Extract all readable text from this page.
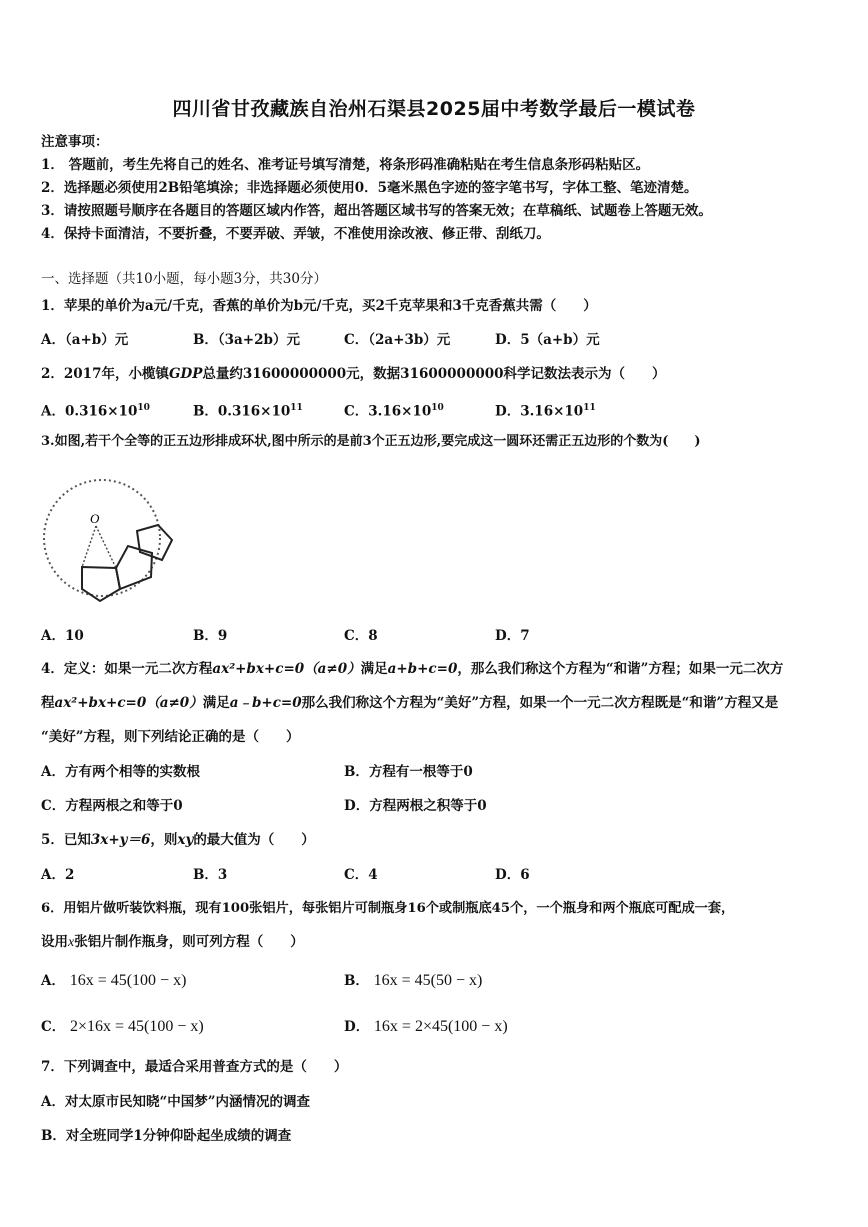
四川省甘孜藏族自治州石渠县2025届中考数学最后一模试卷
注意事项：
1． 答题前，考生先将自己的姓名、准考证号填写清楚，将条形码准确粘贴在考生信息条形码粘贴区。
2．选择题必须使用2B铅笔填涂；非选择题必须使用0．5毫米黑色字迹的签字笔书写，字体工整、笔迹清楚。
3．请按照题号顺序在各题目的答题区域内作答，超出答题区域书写的答案无效；在草稿纸、试题卷上答题无效。
4．保持卡面清洁，不要折叠，不要弄破、弄皱，不准使用涂改液、修正带、刮纸刀。
一、选择题（共10小题，每小题3分，共30分）
1．苹果的单价为a元/千克，香蕉的单价为b元/千克，买2千克苹果和3千克香蕉共需（　　）
A．（a+b）元	B．（3a+2b）元	C．（2a+3b）元	D．5（a+b）元
2．2017年，小榄镇GDP总量约31600000000元，数据31600000000科学记数法表示为（　　）
A．$0.316\times 10^{10}$	B．$0.316\times 10^{11}$	C．$3.16\times 10^{10}$	D．$3.16\times 10^{11}$
3.如图,若干个全等的正五边形排成环状,图中所示的是前3个正五边形,要完成这一圆环还需正五边形的个数为(　　)
O
A．10	B．9	C．8	D．7
4．定义：如果一元二次方程ax²+bx+c=0（a≠0）满足a+b+c=0，那么我们称这个方程为“和谐”方程；如果一元二次方
程ax²+bx+c=0（a≠0）满足a﹣b+c=0那么我们称这个方程为“美好”方程，如果一个一元二次方程既是“和谐”方程又是
“美好”方程，则下列结论正确的是（　　）
A．方有两个相等的实数根	B．方程有一根等于0
C．方程两根之和等于0	D．方程两根之积等于0
5．已知3x+y＝6，则xy的最大值为（　　）
A．2	B．3	C．4	D．6
6．用铝片做听装饮料瓶，现有100张铝片，每张铝片可制瓶身16个或制瓶底45个，一个瓶身和两个瓶底可配成一套，
设用x张铝片制作瓶身，则可列方程（　　）
A． 16x = 45(100 − x)	B． 16x = 45(50 − x)
C． 2×16x = 45(100 − x)	D． 16x = 2×45(100 − x)
7．下列调查中，最适合采用普查方式的是（　　）
A．对太原市民知晓“中国梦”内涵情况的调查
B．对全班同学1分钟仰卧起坐成绩的调查
